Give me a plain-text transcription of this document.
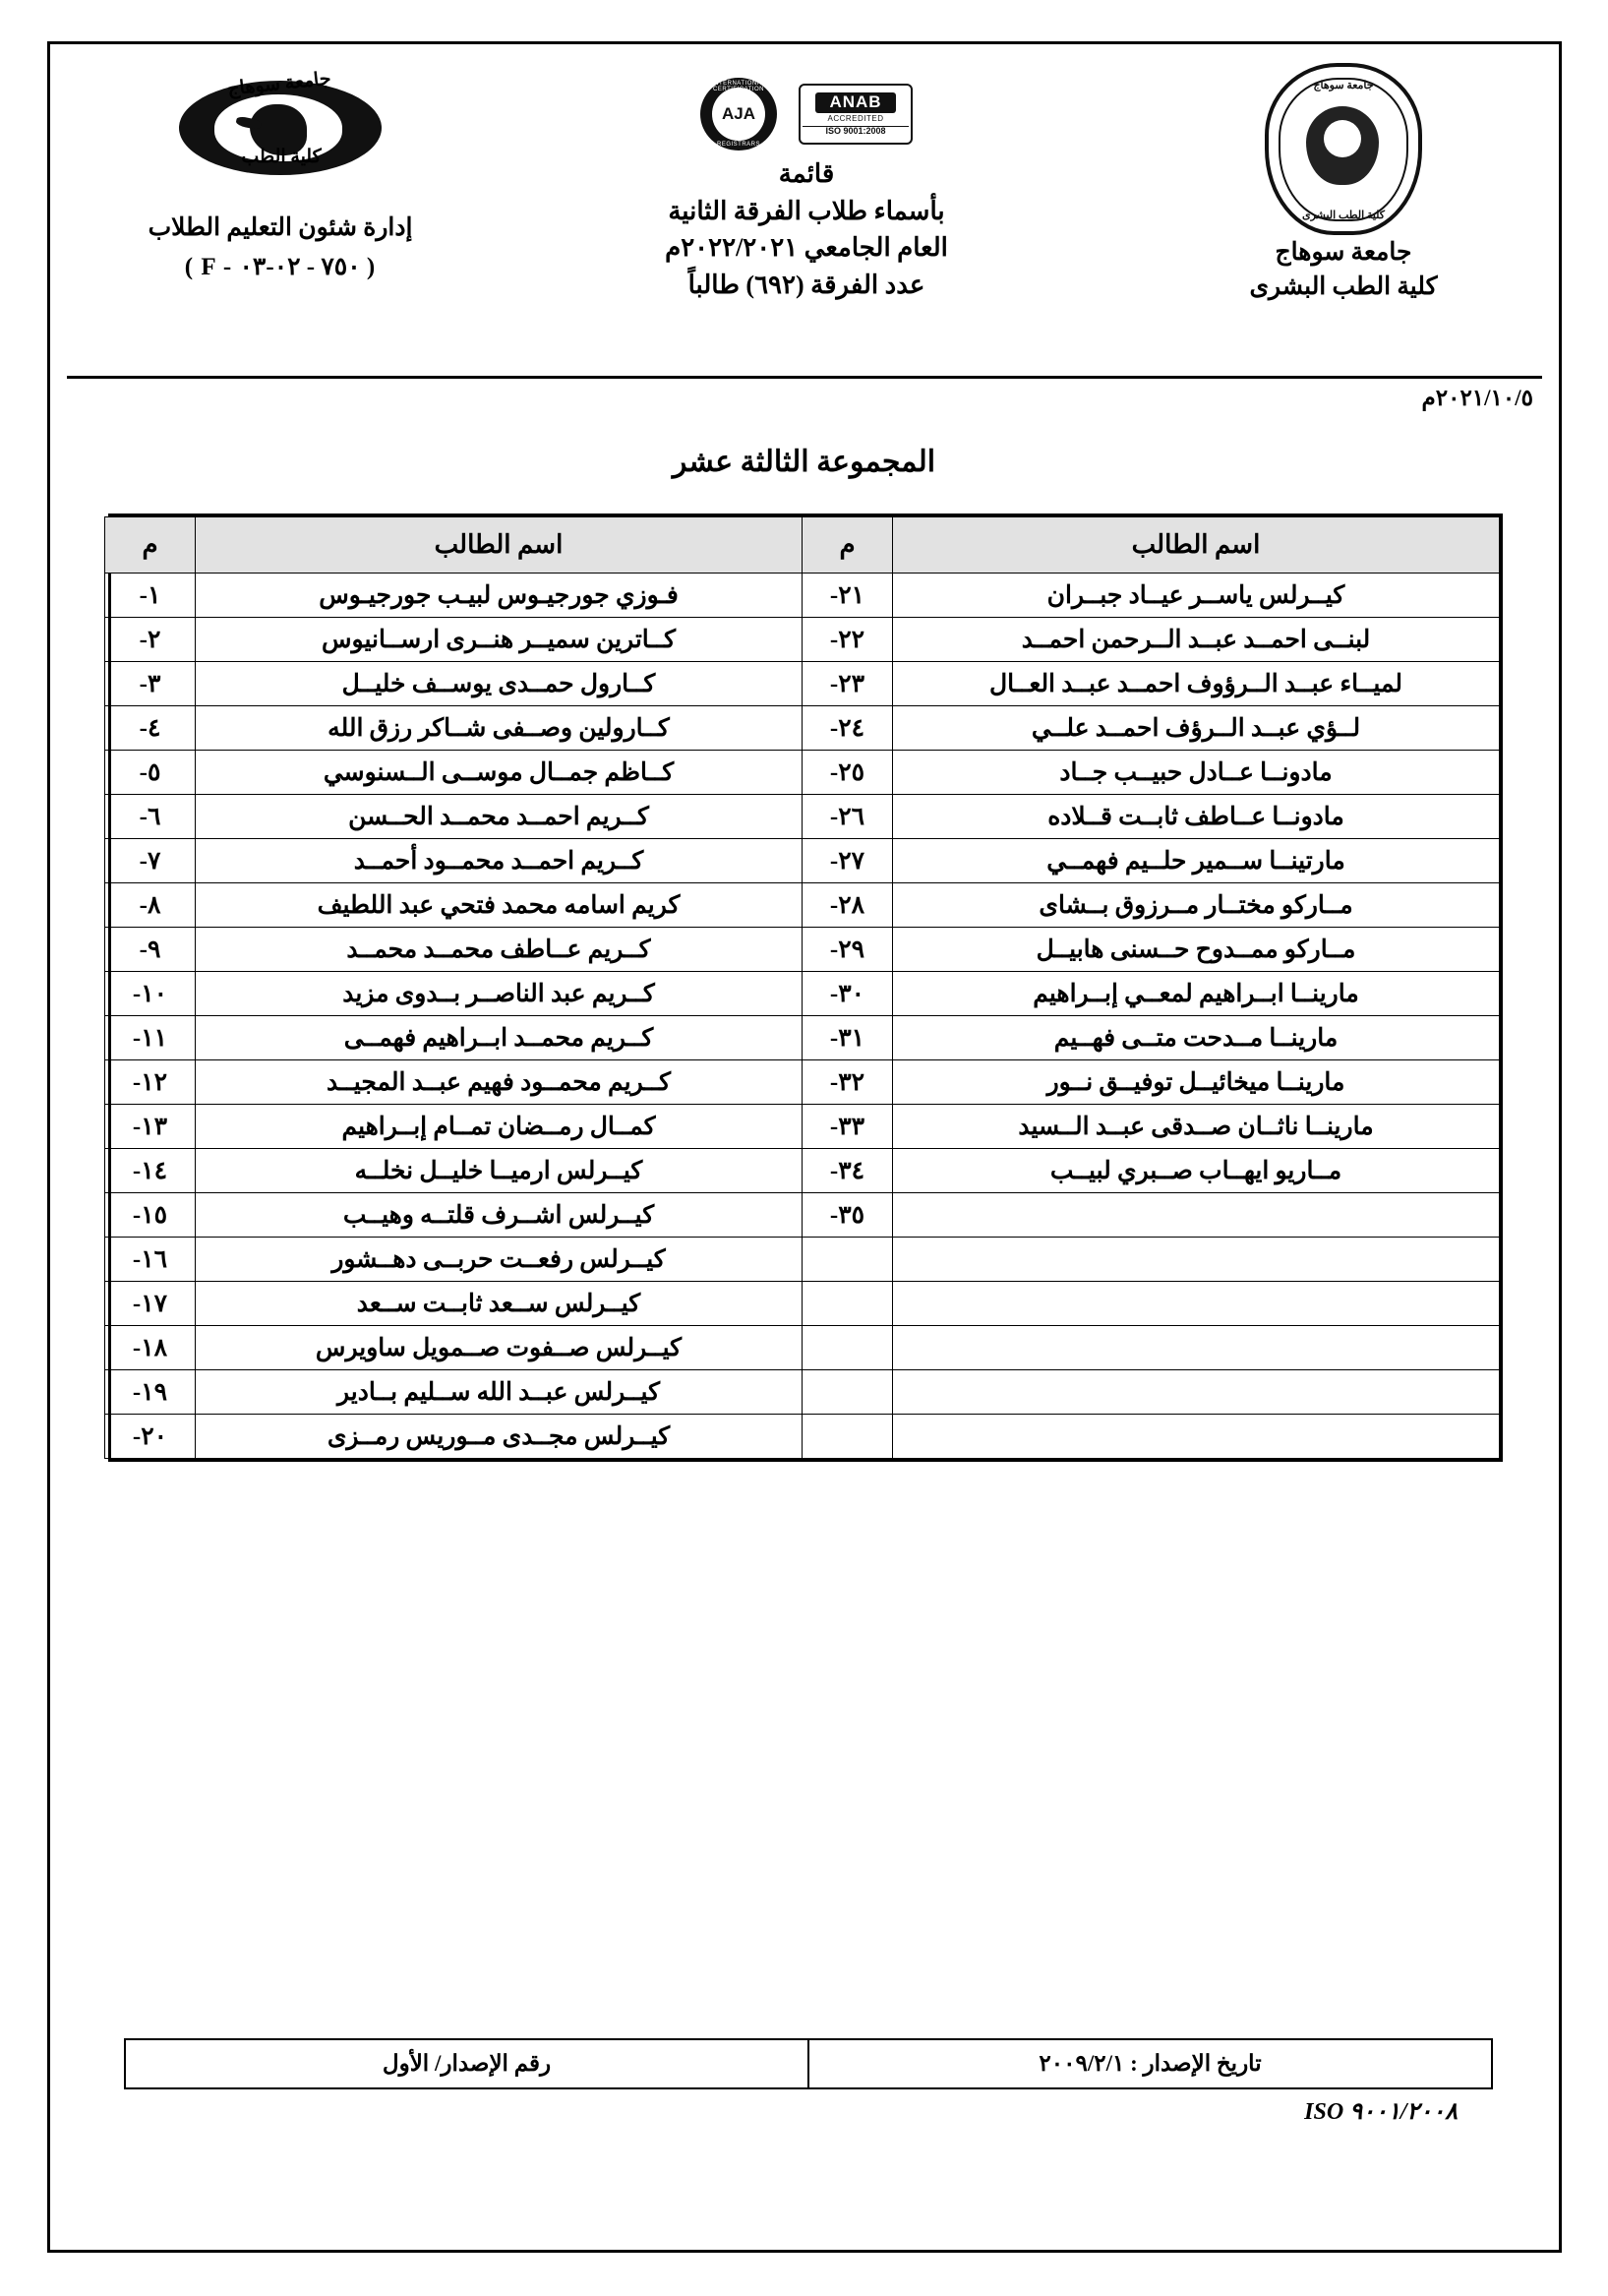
جامعة سوهاج
كلية الطب البشرى
جامعة سوهاج
كلية الطب البشرى
ANAB
ACCREDITED
ISO 9001:2008
INTERNATIONAL CERTIFICATION
AJA
REGISTRARS
قائمة
بأسماء طلاب الفرقة الثانية
العام الجامعي ٢٠٢٢/٢٠٢١م
عدد الفرقة (٦٩٢) طالباً
جامعة سوهاج
كلية الطب
إدارة شئون التعليم الطلاب
( F - ٧٥٠ - ٠٢-٠٣ )
٢٠٢١/١٠/٥م
المجموعة الثالثة عشر
اسم الطالب	م	اسم الطالب	م
كيــرلس ياســر عيــاد جبــران	٢١-	فـوزي جورجيـوس لبيـب جورجيـوس	١-
لبنــى احمــد عبــد الــرحمن احمــد	٢٢-	كــاترين سميــر هنــرى ارســانيوس	٢-
لميــاء عبــد الــرؤوف احمــد عبــد العــال	٢٣-	كــارول حمــدى يوســف خليــل	٣-
لــؤي عبــد الــرؤف احمــد علــي	٢٤-	كــارولين وصــفى شــاكر رزق الله	٤-
مادونــا عــادل حبيــب جــاد	٢٥-	كــاظم جمــال موســى الــسنوسي	٥-
مادونــا عــاطف ثابــت قــلاده	٢٦-	كــريم احمــد محمــد الحــسن	٦-
مارتينــا ســمير حلــيم فهمــي	٢٧-	كــريم احمــد محمــود أحمــد	٧-
مــاركو مختــار مــرزوق بــشاى	٢٨-	كريم اسامه محمد فتحي عبد اللطيف	٨-
مــاركو ممــدوح حــسنى هابيــل	٢٩-	كــريم عــاطف محمــد محمــد	٩-
مارينــا ابــراهيم لمعــي إبــراهيم	٣٠-	كــريم عبد الناصــر بــدوى مزيد	١٠-
مارينــا مــدحت متــى فهــيم	٣١-	كــريم محمــد ابــراهيم فهمــى	١١-
مارينــا ميخائيــل توفيــق نــور	٣٢-	كــريم محمــود فهيم عبــد المجيــد	١٢-
مارينــا ناثــان صــدقى عبــد الــسيد	٣٣-	كمــال رمــضان تمــام إبــراهيم	١٣-
مــاريو ايهــاب صــبري لبيــب	٣٤-	كيــرلس ارميــا خليــل نخلــه	١٤-
	٣٥-	كيــرلس اشــرف قلتــه وهيــب	١٥-
		كيــرلس رفعــت حربــى دهــشور	١٦-
		كيــرلس ســعد ثابــت ســعد	١٧-
		كيــرلس صــفوت صــمويل ساويرس	١٨-
		كيــرلس عبــد الله ســليم بــادير	١٩-
		كيــرلس مجــدى مــوريس رمــزى	٢٠-
تاريخ الإصدار : ٢٠٠٩/٢/١	رقم الإصدار/ الأول
ISO ٩٠٠١/٢٠٠٨
